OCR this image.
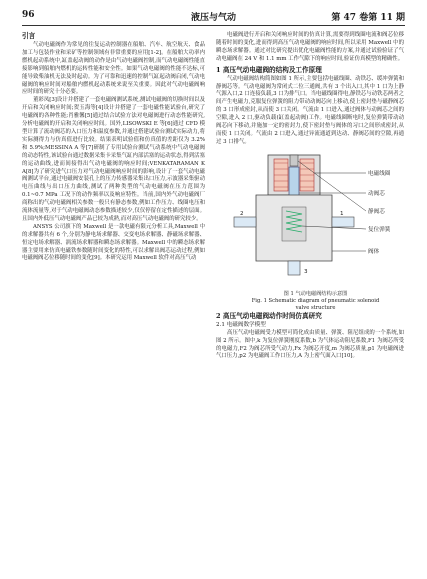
96	液压与气动	第 47 卷第 11 期
引言

气动电磁阀作为常见的往复运动控制器在船舶、汽车、航空航天、食品加工与包装作业和采矿等控制领域有非常重要的应用[1-2]。在船舶大功率内燃机起动系统中,缸盖起动阀的动作是由气动电磁阀控制,而气动电磁阀性能直接影响到船舶内燃机的运转性能和安全性。如果气动电磁阀的性能不达标,可能导致柴油机无法及时起动。为了可靠和迅速的控制气缸起动阀启闭,气动电磁阀的响应时间对船舶内燃机起动系统来说至关重要。因此对气动电磁阀响应时间的研究十分必要。

董彩凤[3]设计并搭建了一套电磁阀测试系统,测试电磁阀的切换时间以及开启和关闭响应时间;贺玉海等[4]设计并搭建了一套电磁性能试验台,研究了电磁阀的各种性能;肖雅馨[5]通过结合试验方法对电磁阀进行动态性能研究,分析电磁阀的开启和关闭响应时间。国外,LISOWSKI E 等[6]通过 CFD 模型计算了流动阀芯的入口压力和温度参数,并通过搭建试验台测试实际动力,将实际测得力与仿真值进行比较。结果表明试验值和仿真值的差距仅为 3.2% 和 5.9%;MESSINA A 等[7]研制了专用试验台测试气动系统中气动电磁阀的动态特性,该试验台通过数据采集卡采集气缸内部活塞的运动状态,得到活塞的运动曲线,进而间接得出气动电磁阀的响应时间;VENKATARAMAN K A[8]为了研究进气口压力对气动电磁阀响应时间的影响,设计了一套气动电磁阀测试平台,通过电磁阀安装孔上的压力传感器采集出口压力,示波器采集驱动电压曲线与出口压力曲线,测试了两种类型的气动电磁阀在压力范围为 0.1~0.7 MPa 工况下的动作频率以及响应特性。当前,国内外气动电磁阀厂商称出的气动电磁阀相关参数一般只有静态参数,例如工作压力、线圈电压和流体流量等,对于气动电磁阀动态参数描述较少,仅仅停留在定性描述的层面。且国内外低压气动电磁阀产品已较为成熟,而对高压气动电磁阀的研究较少。

ANSYS 公司旗下的 Maxwell 是一款电磁有限元分析工具,Maxwell 中的求解器共有 6 个,分别为静电场求解器、交变电场求解器、静磁场求解器、恒定电场求解器、涡流场求解器和瞬态场求解器。Maxwell 中的瞬态场求解器主要用来仿真电磁铁参数随时间变化的特性,可以求解出阀芯运动过程,例如电磁阀阀芯位移随时间的变化[9]。本研究运用 Maxwell 软件对高压气动

电磁阀进行开启和关闭响应时间的仿真计算,需要得到线圈电流和阀芯位移随着时间的变化,进而得到高压气动电磁阀的响应时间,所以采用 Maxwell 中的瞬态场求解器。通过对比研究提出优化电磁阀性能的方案,并通过试验验证了气动电磁阀在 24 V 和 1.1 mm 工作气隙下的响应时间,验证仿真模型的精确性。

1 高压气动电磁阀的结构及工作原理

气动电磁阀结构简图如图 1 所示,主要包括电磁线圈、动铁芯、缓冲弹簧和静阀芯等。气动电磁阀为常闭式二位三通阀,共有 3 个出入口,其中 1 口为上静气源入口,2 口连接负载,3 口为排气口。当电磁线圈得电,静铁芯与动铁芯两者之间产生电磁力,克服复位弹簧的阻力带动动阀芯向上移动,使上密封垫与磁静阀芯的 3 口形成密封,从而使 3 口关闭。气流由 1 口进入,通过阀体与动阀芯之间的空隙,进入 2 口,驱动负载(缸盖起动阀)工作。电磁线圈断电时,复位弹簧带动动阀芯向下移动,并施加一定的密封力,使下密封垫与阀体的习口之间形成密封,从而使 1 口关闭。气流由 2 口进入,通过异流通道到达动、静阀芯间的空隙,再通过 3 口排气。

电磁线圈
动阀芯
静阀芯
复位弹簧
阀体
1
2
3

图 1 气动电磁阀结构示意图

Fig. 1 Schematic diagram of pneumatic solenoid

valve structure

2 高压气动电磁阀动作时间仿真研究
2.1 电磁阀数学模型

高压气动电磁阀受力模型可简化成由质量、弹簧、阻尼组成的一个系统,如图 2 所示。图中,k 为复位弹簧刚度系数,b 为气体运动阻尼系数,F1 为阀芯所受的电磁力,F2 为阀芯所受气动力,Fx 为阀芯开度,m 为阀芯质量,p1 为电磁阀进气口压力,p2 为电磁阀工作口压力,A 为上密气面入口[10]。
